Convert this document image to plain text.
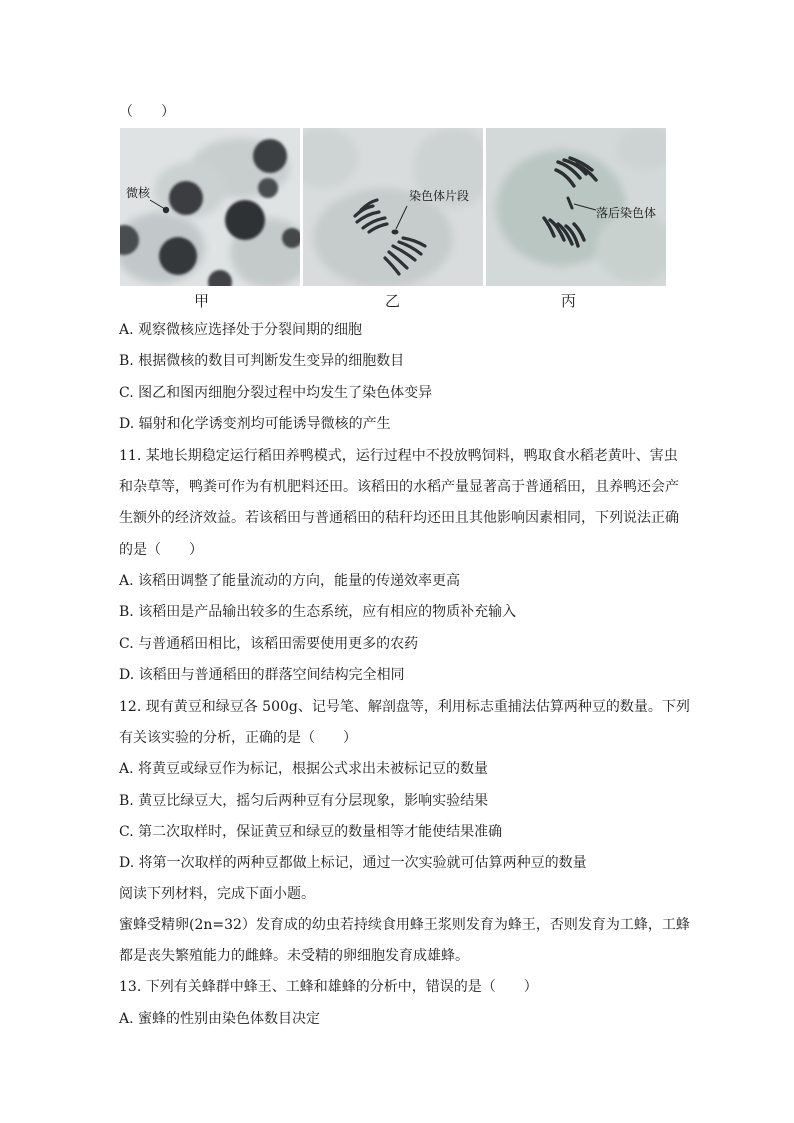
（　　）
微核
甲
染色体片段
乙
落后染色体
丙
A. 观察微核应选择处于分裂间期的细胞
B. 根据微核的数目可判断发生变异的细胞数目
C. 图乙和图丙细胞分裂过程中均发生了染色体变异
D. 辐射和化学诱变剂均可能诱导微核的产生
11. 某地长期稳定运行稻田养鸭模式，运行过程中不投放鸭饲料，鸭取食水稻老黄叶、害虫
和杂草等，鸭粪可作为有机肥料还田。该稻田的水稻产量显著高于普通稻田，且养鸭还会产
生额外的经济效益。若该稻田与普通稻田的秸秆均还田且其他影响因素相同，下列说法正确
的是（　　）
A. 该稻田调整了能量流动的方向，能量的传递效率更高
B. 该稻田是产品输出较多的生态系统，应有相应的物质补充输入
C. 与普通稻田相比，该稻田需要使用更多的农药
D. 该稻田与普通稻田的群落空间结构完全相同
12. 现有黄豆和绿豆各 500g、记号笔、解剖盘等，利用标志重捕法估算两种豆的数量。下列
有关该实验的分析，正确的是（　　）
A. 将黄豆或绿豆作为标记，根据公式求出未被标记豆的数量
B. 黄豆比绿豆大，摇匀后两种豆有分层现象，影响实验结果
C. 第二次取样时，保证黄豆和绿豆的数量相等才能使结果准确
D. 将第一次取样的两种豆都做上标记，通过一次实验就可估算两种豆的数量
阅读下列材料，完成下面小题。
蜜蜂受精卵(2n=32）发育成的幼虫若持续食用蜂王浆则发育为蜂王，否则发育为工蜂，工蜂
都是丧失繁殖能力的雌蜂。未受精的卵细胞发育成雄蜂。
13. 下列有关蜂群中蜂王、工蜂和雄蜂的分析中，错误的是（　　）
A. 蜜蜂的性别由染色体数目决定
